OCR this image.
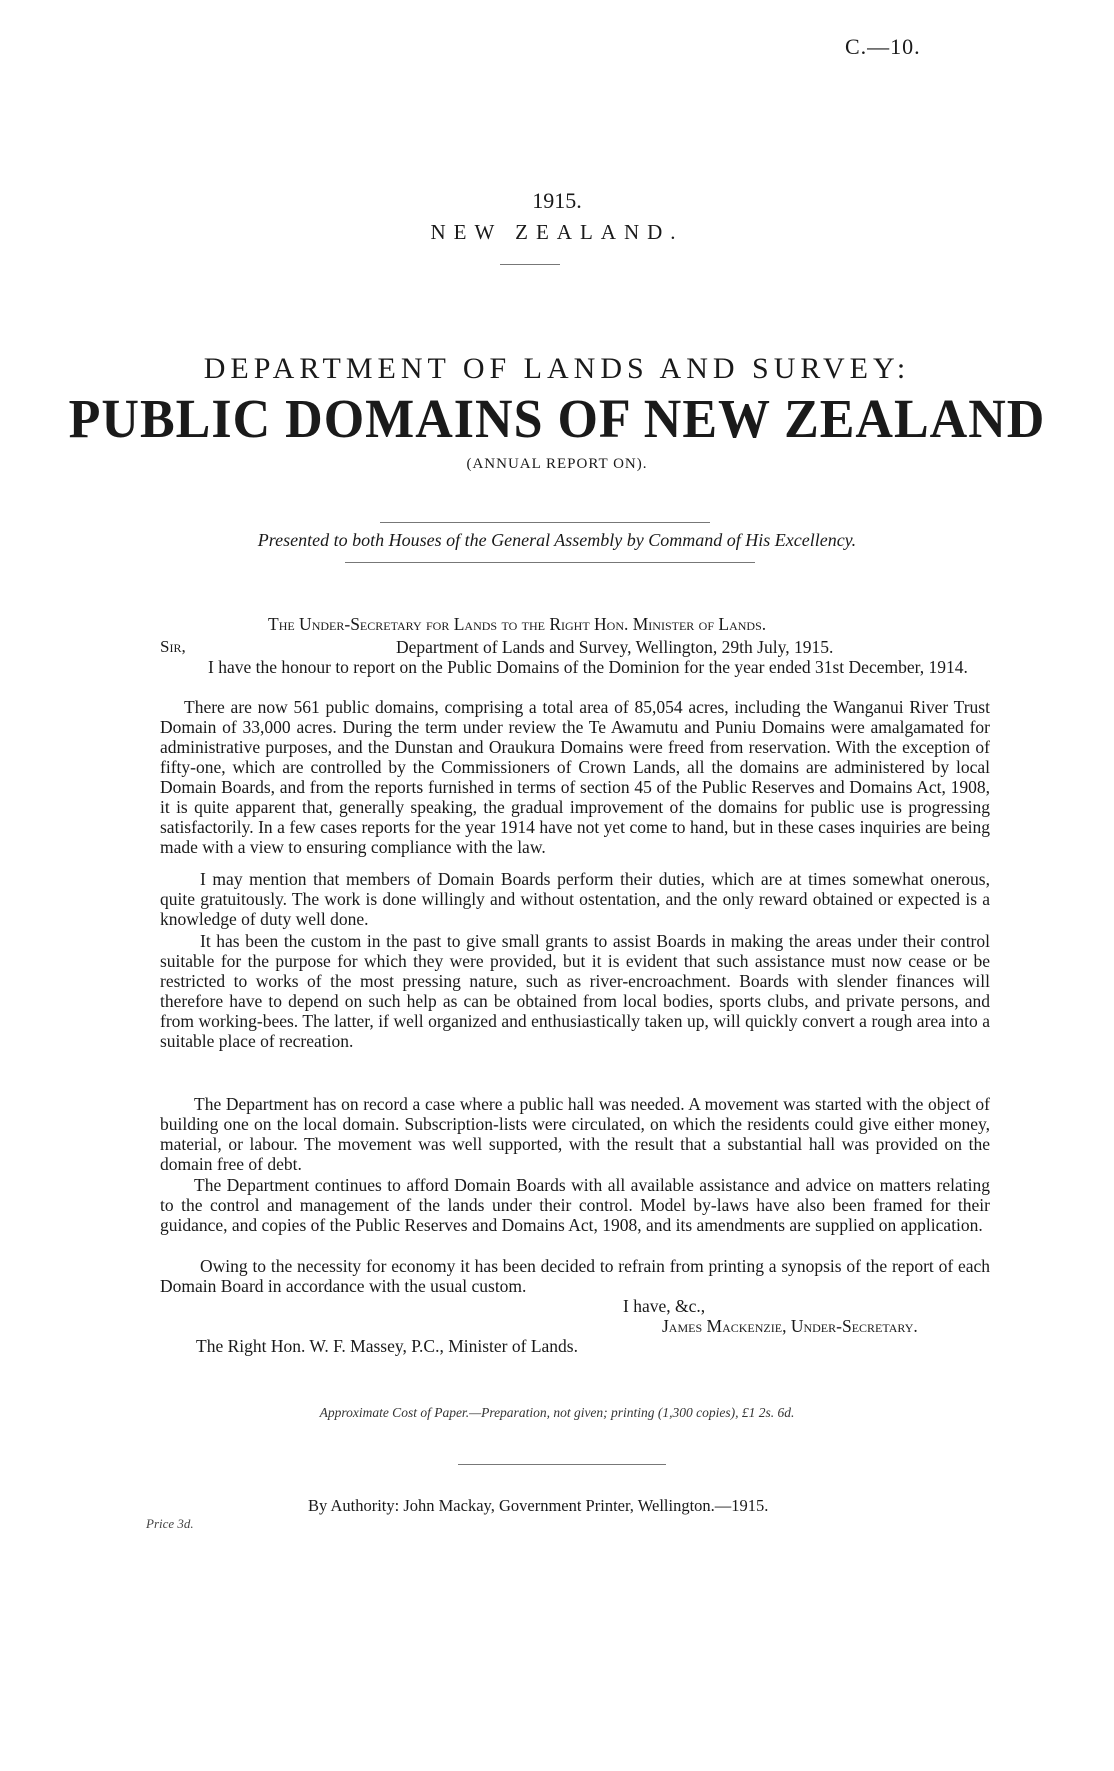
C.—10.
1915.
NEW ZEALAND.
DEPARTMENT OF LANDS AND SURVEY:
PUBLIC DOMAINS OF NEW ZEALAND
(ANNUAL REPORT ON).
Presented to both Houses of the General Assembly by Command of His Excellency.
The Under-Secretary for Lands to the Right Hon. Minister of Lands.
Sir,	Department of Lands and Survey, Wellington, 29th July, 1915.
I have the honour to report on the Public Domains of the Dominion for the year ended 31st December, 1914.
There are now 561 public domains, comprising a total area of 85,054 acres, including the Wanganui River Trust Domain of 33,000 acres. During the term under review the Te Awamutu and Puniu Domains were amalgamated for administrative purposes, and the Dunstan and Oraukura Domains were freed from reservation. With the exception of fifty-one, which are controlled by the Commissioners of Crown Lands, all the domains are administered by local Domain Boards, and from the reports furnished in terms of section 45 of the Public Reserves and Domains Act, 1908, it is quite apparent that, generally speaking, the gradual improvement of the domains for public use is progressing satisfactorily. In a few cases reports for the year 1914 have not yet come to hand, but in these cases inquiries are being made with a view to ensuring compliance with the law.
I may mention that members of Domain Boards perform their duties, which are at times somewhat onerous, quite gratuitously. The work is done willingly and without ostentation, and the only reward obtained or expected is a knowledge of duty well done.
It has been the custom in the past to give small grants to assist Boards in making the areas under their control suitable for the purpose for which they were provided, but it is evident that such assistance must now cease or be restricted to works of the most pressing nature, such as river-encroachment. Boards with slender finances will therefore have to depend on such help as can be obtained from local bodies, sports clubs, and private persons, and from working-bees. The latter, if well organized and enthusiastically taken up, will quickly convert a rough area into a suitable place of recreation.
The Department has on record a case where a public hall was needed. A movement was started with the object of building one on the local domain. Subscription-lists were circulated, on which the residents could give either money, material, or labour. The movement was well supported, with the result that a substantial hall was provided on the domain free of debt.
The Department continues to afford Domain Boards with all available assistance and advice on matters relating to the control and management of the lands under their control. Model by-laws have also been framed for their guidance, and copies of the Public Reserves and Domains Act, 1908, and its amendments are supplied on application.
Owing to the necessity for economy it has been decided to refrain from printing a synopsis of the report of each Domain Board in accordance with the usual custom.
I have, &c.,
James Mackenzie, Under-Secretary.
The Right Hon. W. F. Massey, P.C., Minister of Lands.
Approximate Cost of Paper.—Preparation, not given; printing (1,300 copies), £1 2s. 6d.
By Authority: John Mackay, Government Printer, Wellington.—1915.
Price 3d.
